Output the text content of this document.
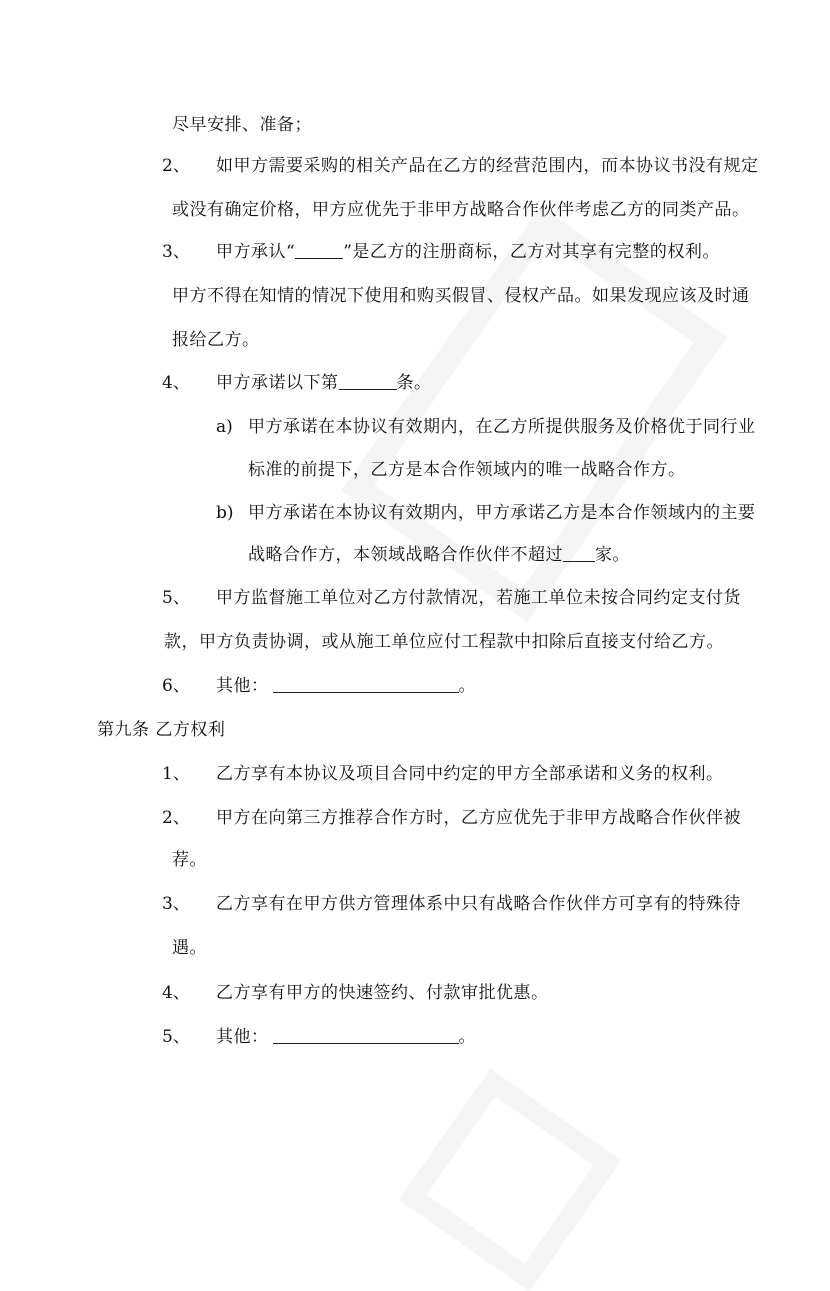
尽早安排、准备；
2、 如甲方需要采购的相关产品在乙方的经营范围内，而本协议书没有规定
或没有确定价格，甲方应优先于非甲方战略合作伙伴考虑乙方的同类产品。
3、 甲方承认“	”是乙方的注册商标，乙方对其享有完整的权利。
甲方不得在知情的情况下使用和购买假冒、侵权产品。如果发现应该及时通
报给乙方。
4、 甲方承诺以下第	条。
a) 甲方承诺在本协议有效期内，在乙方所提供服务及价格优于同行业
标准的前提下，乙方是本合作领域内的唯一战略合作方。
b) 甲方承诺在本协议有效期内，甲方承诺乙方是本合作领域内的主要
战略合作方，本领域战略合作伙伴不超过 家。
5、 甲方监督施工单位对乙方付款情况，若施工单位未按合同约定支付货
款，甲方负责协调，或从施工单位应付工程款中扣除后直接支付给乙方。
6、 其他：	。
第九条 乙方权利
1、 乙方享有本协议及项目合同中约定的甲方全部承诺和义务的权利。
2、 甲方在向第三方推荐合作方时，乙方应优先于非甲方战略合作伙伴被
荐。
3、 乙方享有在甲方供方管理体系中只有战略合作伙伴方可享有的特殊待
遇。
4、 乙方享有甲方的快速签约、付款审批优惠。
5、 其他：	。
